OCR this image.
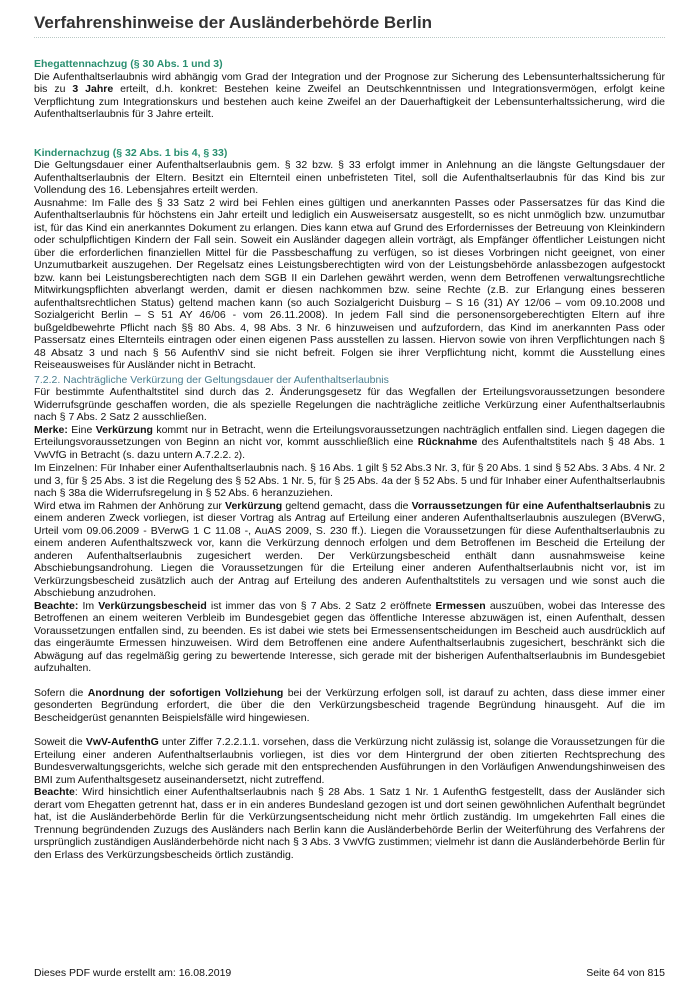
Verfahrenshinweise der Ausländerbehörde Berlin

Ehegattennachzug (§ 30 Abs. 1 und 3)

Die Aufenthaltserlaubnis wird abhängig vom Grad der Integration und der Prognose zur Sicherung des Lebensunterhaltssicherung für bis zu 3 Jahre erteilt, d.h. konkret: Bestehen keine Zweifel an Deutschkenntnissen und Integrationsvermögen, erfolgt keine Verpflichtung zum Integrationskurs und bestehen auch keine Zweifel an der Dauerhaftigkeit der Lebensunterhaltssicherung, wird die Aufenthaltserlaubnis für 3 Jahre erteilt.

Kindernachzug (§ 32 Abs. 1 bis 4, § 33)

Die Geltungsdauer einer Aufenthaltserlaubnis gem. § 32 bzw. § 33 erfolgt immer in Anlehnung an die längste Geltungsdauer der Aufenthaltserlaubnis der Eltern. Besitzt ein Elternteil einen unbefristeten Titel, soll die Aufenthaltserlaubnis für das Kind bis zur Vollendung des 16. Lebensjahres erteilt werden.

Ausnahme: Im Falle des § 33 Satz 2 wird bei Fehlen eines gültigen und anerkannten Passes oder Passersatzes für das Kind die Aufenthaltserlaubnis für höchstens ein Jahr erteilt und lediglich ein Ausweisersatz ausgestellt, so es nicht unmöglich bzw. unzumutbar ist, für das Kind ein anerkanntes Dokument zu erlangen. Dies kann etwa auf Grund des Erfordernisses der Betreuung von Kleinkindern oder schulpflichtigen Kindern der Fall sein. Soweit ein Ausländer dagegen allein vorträgt, als Empfänger öffentlicher Leistungen nicht über die erforderlichen finanziellen Mittel für die Passbeschaffung zu verfügen, so ist dieses Vorbringen nicht geeignet, von einer Unzumutbarkeit auszugehen. Der Regelsatz eines Leistungsberechtigten wird von der Leistungsbehörde anlassbezogen aufgestockt bzw. kann bei Leistungsberechtigten nach dem SGB II ein Darlehen gewährt werden, wenn dem Betroffenen verwaltungsrechtliche Mitwirkungspflichten abverlangt werden, damit er diesen nachkommen bzw. seine Rechte (z.B. zur Erlangung eines besseren aufenthaltsrechtlichen Status) geltend machen kann (so auch Sozialgericht Duisburg – S 16 (31) AY 12/06 – vom 09.10.2008 und Sozialgericht Berlin – S 51 AY 46/06 - vom 26.11.2008). In jedem Fall sind die personensorgeberechtigten Eltern auf ihre bußgeldbewehrte Pflicht nach §§ 80 Abs. 4, 98 Abs. 3 Nr. 6 hinzuweisen und aufzufordern, das Kind im anerkannten Pass oder Passersatz eines Elternteils eintragen oder einen eigenen Pass ausstellen zu lassen. Hiervon sowie von ihren Verpflichtungen nach § 48 Absatz 3 und nach § 56 AufenthV sind sie nicht befreit. Folgen sie ihrer Verpflichtung nicht, kommt die Ausstellung eines Reiseausweises für Ausländer nicht in Betracht.

7.2.2. Nachträgliche Verkürzung der Geltungsdauer der Aufenthaltserlaubnis

Für bestimmte Aufenthaltstitel sind durch das 2. Änderungsgesetz für das Wegfallen der Erteilungsvoraussetzungen besondere Widerrufsgründe geschaffen worden, die als spezielle Regelungen die nachträgliche zeitliche Verkürzung einer Aufenthaltserlaubnis nach § 7 Abs. 2 Satz 2 ausschließen.

Merke: Eine Verkürzung kommt nur in Betracht, wenn die Erteilungsvoraussetzungen nachträglich entfallen sind. Liegen dagegen die Erteilungsvoraussetzungen von Beginn an nicht vor, kommt ausschließlich eine Rücknahme des Aufenthaltstitels nach § 48 Abs. 1 VwVfG in Betracht (s. dazu untern A.7.2.2. 2).

Im Einzelnen: Für Inhaber einer Aufenthaltserlaubnis nach. § 16 Abs. 1 gilt § 52 Abs.3 Nr. 3, für § 20 Abs. 1 sind § 52 Abs. 3 Abs. 4 Nr. 2 und 3, für § 25 Abs. 3 ist die Regelung des § 52 Abs. 1 Nr. 5, für § 25 Abs. 4a der § 52 Abs. 5 und für Inhaber einer Aufenthaltserlaubnis nach § 38a die Widerrufsregelung in § 52 Abs. 6 heranzuziehen.

Wird etwa im Rahmen der Anhörung zur Verkürzung geltend gemacht, dass die Vorraussetzungen für eine Aufenthaltserlaubnis zu einem anderen Zweck vorliegen, ist dieser Vortrag als Antrag auf Erteilung einer anderen Aufenthaltserlaubnis auszulegen (BVerwG, Urteil vom 09.06.2009 - BVerwG 1 C 11.08 -, AuAS 2009, S. 230 ff.). Liegen die Voraussetzungen für diese Aufenthaltserlaubnis zu einem anderen Aufenthaltszweck vor, kann die Verkürzung dennoch erfolgen und dem Betroffenen im Bescheid die Erteilung der anderen Aufenthaltserlaubnis zugesichert werden. Der Verkürzungsbescheid enthält dann ausnahmsweise keine Abschiebungsandrohung. Liegen die Voraussetzungen für die Erteilung einer anderen Aufenthaltserlaubnis nicht vor, ist im Verkürzungsbescheid zusätzlich auch der Antrag auf Erteilung des anderen Aufenthaltstitels zu versagen und wie sonst auch die Abschiebung anzudrohen.

Beachte: Im Verkürzungsbescheid ist immer das von § 7 Abs. 2 Satz 2 eröffnete Ermessen auszuüben, wobei das Interesse des Betroffenen an einem weiteren Verbleib im Bundesgebiet gegen das öffentliche Interesse abzuwägen ist, einen Aufenthalt, dessen Voraussetzungen entfallen sind, zu beenden. Es ist dabei wie stets bei Ermessensentscheidungen im Bescheid auch ausdrücklich auf das eingeräumte Ermessen hinzuweisen. Wird dem Betroffenen eine andere Aufenthaltserlaubnis zugesichert, beschränkt sich die Abwägung auf das regelmäßig gering zu bewertende Interesse, sich gerade mit der bisherigen Aufenthaltserlaubnis im Bundesgebiet aufzuhalten.

Sofern die Anordnung der sofortigen Vollziehung bei der Verkürzung erfolgen soll, ist darauf zu achten, dass diese immer einer gesonderten Begründung erfordert, die über die den Verkürzungsbescheid tragende Begründung hinausgeht. Auf die im Bescheidgerüst genannten Beispielsfälle wird hingewiesen.

Soweit die VwV-AufenthG unter Ziffer 7.2.2.1.1. vorsehen, dass die Verkürzung nicht zulässig ist, solange die Voraussetzungen für die Erteilung einer anderen Aufenthaltserlaubnis vorliegen, ist dies vor dem Hintergrund der oben zitierten Rechtsprechung des Bundesverwaltungsgerichts, welche sich gerade mit den entsprechenden Ausführungen in den Vorläufigen Anwendungshinweisen des BMI zum Aufenthaltsgesetz auseinandersetzt, nicht zutreffend.

Beachte: Wird hinsichtlich einer Aufenthaltserlaubnis nach § 28 Abs. 1 Satz 1 Nr. 1 AufenthG festgestellt, dass der Ausländer sich derart vom Ehegatten getrennt hat, dass er in ein anderes Bundesland gezogen ist und dort seinen gewöhnlichen Aufenthalt begründet hat, ist die Ausländerbehörde Berlin für die Verkürzungsentscheidung nicht mehr örtlich zuständig. Im umgekehrten Fall eines die Trennung begründenden Zuzugs des Ausländers nach Berlin kann die Ausländerbehörde Berlin der Weiterführung des Verfahrens der ursprünglich zuständigen Ausländerbehörde nicht nach § 3 Abs. 3 VwVfG zustimmen; vielmehr ist dann die Ausländerbehörde Berlin für den Erlass des Verkürzungsbescheids örtlich zuständig.

Dieses PDF wurde erstellt am: 16.08.2019	Seite 64 von 815
